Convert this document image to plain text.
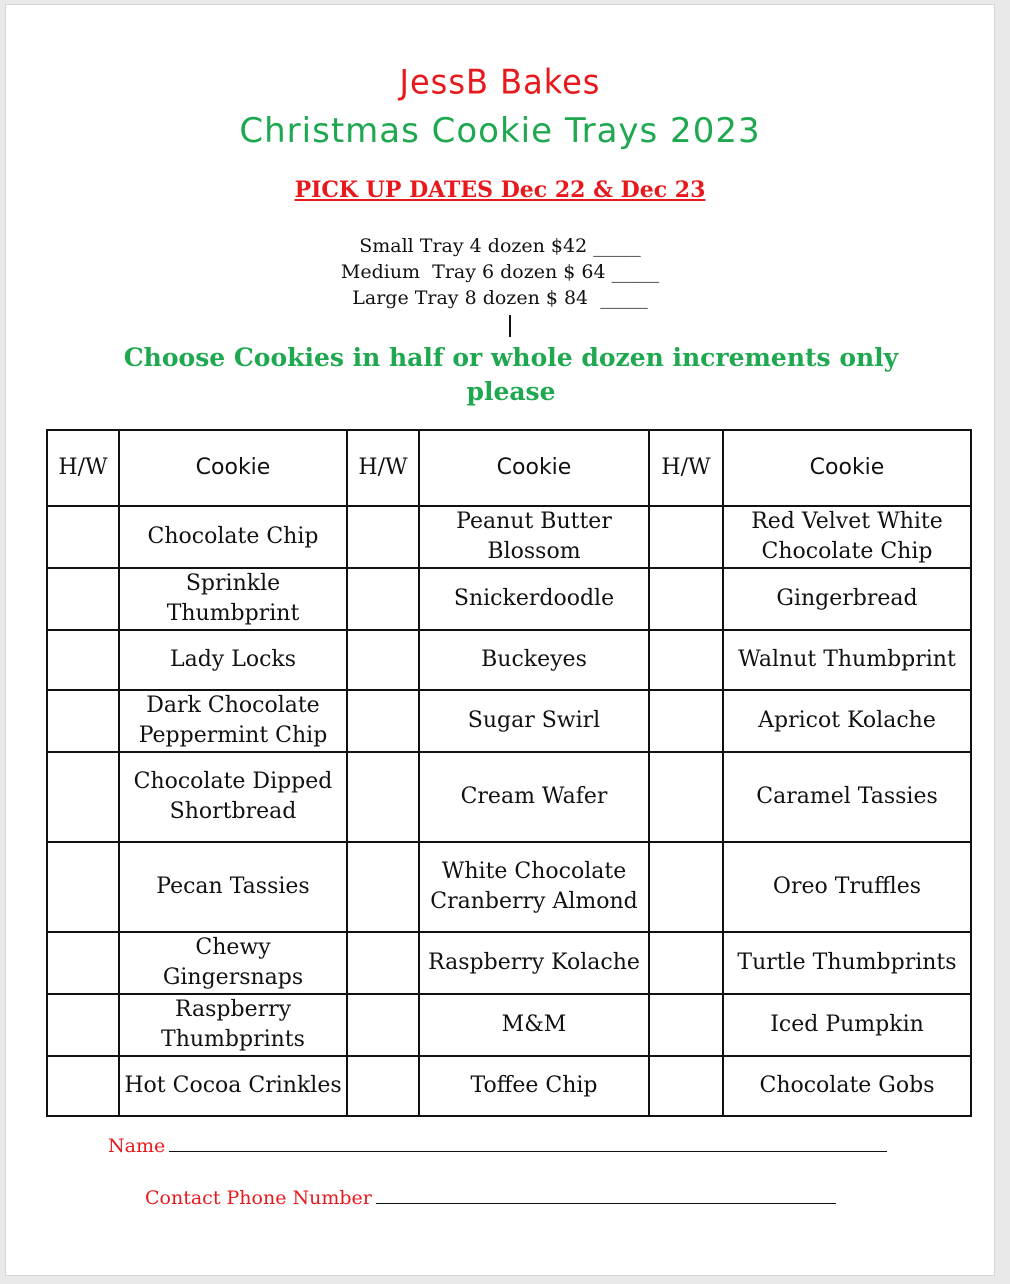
JessB Bakes
Christmas Cookie Trays 2023
PICK UP DATES Dec 22 & Dec 23
Small Tray 4 dozen $42 _____
Medium  Tray 6 dozen $ 64 _____
Large Tray 8 dozen $ 84  _____
Choose Cookies in half or whole dozen increments only please
H/W	Cookie	H/W	Cookie	H/W	Cookie
	Chocolate Chip		Peanut Butter Blossom		Red Velvet White Chocolate Chip
	Sprinkle Thumbprint		Snickerdoodle		Gingerbread
	Lady Locks		Buckeyes		Walnut Thumbprint
	Dark Chocolate Peppermint Chip		Sugar Swirl		Apricot Kolache
	Chocolate Dipped Shortbread		Cream Wafer		Caramel Tassies
	Pecan Tassies		White Chocolate Cranberry Almond		Oreo Truffles
	Chewy Gingersnaps		Raspberry Kolache		Turtle Thumbprints
	Raspberry Thumbprints		M&M		Iced Pumpkin
	Hot Cocoa Crinkles		Toffee Chip		Chocolate Gobs
Name
Contact Phone Number
